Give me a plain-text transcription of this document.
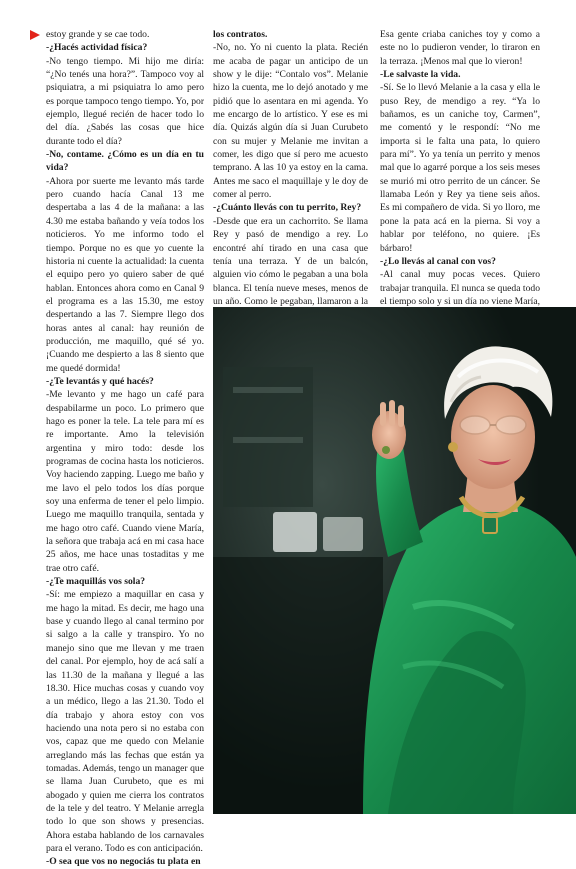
estoy grande y se cae todo.

-¿Hacés actividad física?

-No tengo tiempo. Mi hijo me diría: “¿No tenés una hora?”. Tampoco voy al psiquiatra, a mi psiquiatra lo amo pero es porque tampoco tengo tiempo. Yo, por ejemplo, llegué recién de hacer todo lo del día. ¿Sabés las cosas que hice durante todo el día?

-No, contame. ¿Cómo es un día en tu vida?

-Ahora por suerte me levanto más tarde pero cuando hacía Canal 13 me despertaba a las 4 de la mañana: a las 4.30 me estaba bañando y veía todos los noticieros. Yo me informo todo el tiempo. Porque no es que yo cuente la historia ni cuente la actualidad: la cuenta el equipo pero yo quiero saber de qué hablan. Entonces ahora como en Canal 9 el programa es a las 15.30, me estoy despertando a las 7. Siempre llego dos horas antes al canal: hay reunión de producción, me maquillo, qué sé yo. ¡Cuando me despierto a las 8 siento que me quedé dormida!

-¿Te levantás y qué hacés?

-Me levanto y me hago un café para despabilarme un poco. Lo primero que hago es poner la tele. La tele para mí es re importante. Amo la televisión argentina y miro todo: desde los programas de cocina hasta los noticieros. Voy haciendo zapping. Luego me baño y me lavo el pelo todos los días porque soy una enferma de tener el pelo limpio. Luego me maquillo tranquila, sentada y me hago otro café. Cuando viene María, la señora que trabaja acá en mi casa hace 25 años, me hace unas tostaditas y me trae otro café.

-¿Te maquillás vos sola?

-Sí: me empiezo a maquillar en casa y me hago la mitad. Es decir, me hago una base y cuando llego al canal termino por si salgo a la calle y transpiro. Yo no manejo sino que me llevan y me traen del canal. Por ejemplo, hoy de acá salí a las 11.30 de la mañana y llegué a las 18.30. Hice muchas cosas y cuando voy a un médico, llego a las 21.30. Todo el día trabajo y ahora estoy con vos haciendo una nota pero si no estaba con vos, capaz que me quedo con Melanie arreglando más las fechas que están ya tomadas. Además, tengo un manager que se llama Juan Curubeto, que es mi abogado y quien me cierra los contratos de la tele y del teatro. Y Melanie arregla todo lo que son shows y presencias. Ahora estaba hablando de los carnavales para el verano. Todo es con anticipación.

-O sea que vos no negociás tu plata en

los contratos.

-No, no. Yo ni cuento la plata. Recién me acaba de pagar un anticipo de un show y le dije: “Contalo vos”. Melanie hizo la cuenta, me lo dejó anotado y me pidió que lo asentara en mi agenda. Yo me encargo de lo artístico. Y ese es mi día. Quizás algún día si Juan Curubeto con su mujer y Melanie me invitan a comer, les digo que sí pero me acuesto temprano. A las 10 ya estoy en la cama. Antes me saco el maquillaje y le doy de comer al perro.

-¿Cuánto llevás con tu perrito, Rey?

-Desde que era un cachorrito. Se llama Rey y pasó de mendigo a rey. Lo encontré ahí tirado en una casa que tenía una terraza. Y de un balcón, alguien vio cómo le pegaban a una bola blanca. El tenía nueve meses, menos de un año. Como le pegaban, llamaron a la

Esa gente criaba caniches toy y como a este no lo pudieron vender, lo tiraron en la terraza. ¡Menos mal que lo vieron!

-Le salvaste la vida.

-Sí. Se lo llevó Melanie a la casa y ella le puso Rey, de mendigo a rey. “Ya lo bañamos, es un caniche toy, Carmen”, me comentó y le respondí: “No me importa si le falta una pata, lo quiero para mí”. Yo ya tenía un perrito y menos mal que lo agarré porque a los seis meses se murió mi otro perrito de un cáncer. Se llamaba León y Rey ya tiene seis años. Es mi compañero de vida. Si yo lloro, me pone la pata acá en la pierna. Si voy a hablar por teléfono, no quiere. ¡Es bárbaro!

-¿Lo llevás al canal con vos?

-Al canal muy pocas veces. Quiero trabajar tranquila. El nunca se queda todo el tiempo solo y si un día no viene María,
